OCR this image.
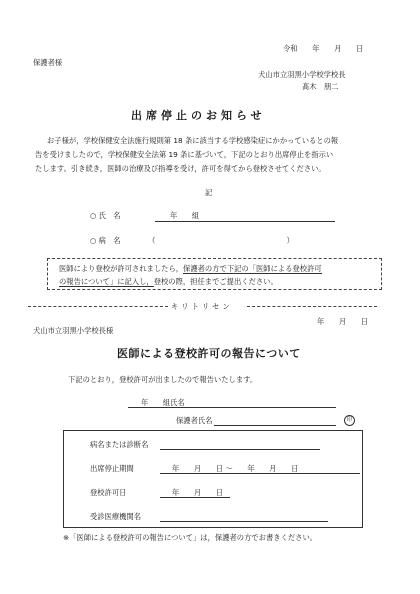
令和　　年　　月　　日
保護者様
犬山市立羽黒小学校学校長
髙木　朋二
出席停止のお知らせ
お子様が，学校保健安全法施行規則第 18 条に該当する学校感染症にかかっているとの報
告を受けましたので，学校保健安全法第 19 条に基づいて，下記のとおり出席停止を指示い
たします。引き続き，医師の治療及び指導を受け，許可を得てから登校させてください。
記
○ 氏　名	年　　組
○ 病　名	（　　　　　　　　　　　　　　　　　　）
医師により登校が許可されましたら，保護者の方で下記の「医師による登校許可
の報告について」に記入し，登校の際，担任までご提出ください。
キリトリセン
年　　月　　日
犬山市立羽黒小学校長様
医師による登校許可の報告について
下記のとおり，登校許可が出ましたので報告いたします。
年　　組氏名
保護者氏名	印
病名または診断名
出席停止期間	年　　月　　日 〜　　年　　月　　日
登校許可日	年　　月　　日
受診医療機関名
※「医師による登校許可の報告について」は，保護者の方でお書きください。
